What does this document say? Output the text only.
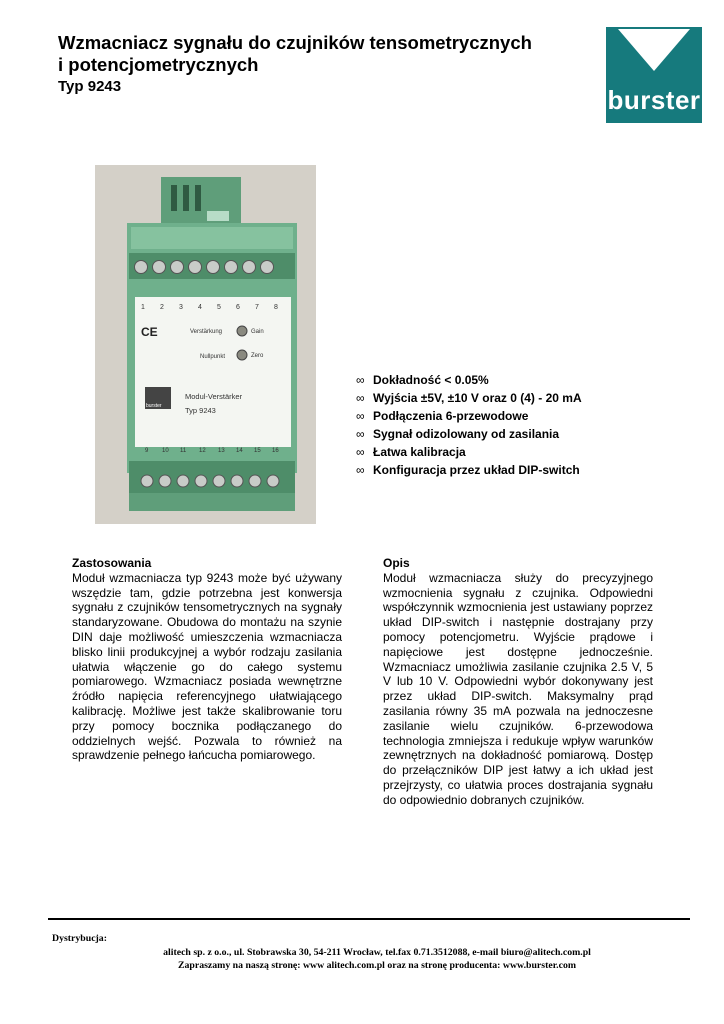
Wzmacniacz sygnału do czujników tensometrycznych
i potencjometrycznych
Typ 9243	burster
1 2 3 4 5 6 7 8
CE	Verstärkung	Gain
Nullpunkt	Zero
burster
Modul-Verstärker
Typ 9243
9 10 11 12 13 14 15 16
∞ Dokładność < 0.05%
∞ Wyjścia ±5V, ±10 V oraz 0 (4) - 20 mA
∞ Podłączenia 6-przewodowe
∞ Sygnał odizolowany od zasilania
∞ Łatwa kalibracja
∞ Konfiguracja przez układ DIP-switch
Zastosowania

Moduł wzmacniacza typ 9243 może być używany wszędzie tam, gdzie potrzebna jest konwersja sygnału z czujników tensometrycznych na sygnały standaryzowane. Obudowa do montażu na szynie DIN daje możliwość umieszczenia wzmacniacza blisko linii produkcyjnej a wybór rodzaju zasilania ułatwia włączenie go do całego systemu pomiarowego. Wzmacniacz posiada wewnętrzne źródło napięcia referencyjnego ułatwiającego kalibrację. Możliwe jest także skalibrowanie toru przy pomocy bocznika podłączanego do oddzielnych wejść. Pozwala to również na sprawdzenie pełnego łańcucha pomiarowego.

Opis

Moduł wzmacniacza służy do precyzyjnego wzmocnienia sygnału z czujnika. Odpowiedni współczynnik wzmocnienia jest ustawiany poprzez układ DIP-switch i następnie dostrajany przy pomocy potencjometru. Wyjście prądowe i napięciowe jest dostępne jednocześnie. Wzmacniacz umożliwia zasilanie czujnika 2.5 V, 5 V lub 10 V. Odpowiedni wybór dokonywany jest przez układ DIP-switch. Maksymalny prąd zasilania równy 35 mA pozwala na jednoczesne zasilanie wielu czujników. 6-przewodowa technologia zmniejsza i redukuje wpływ warunków zewnętrznych na dokładność pomiarową. Dostęp do przełączników DIP jest łatwy a ich układ jest przejrzysty, co ułatwia proces dostrajania sygnału do odpowiednio dobranych czujników.

Dystrybucja:
alitech sp. z o.o., ul. Stobrawska 30, 54-211 Wrocław, tel.fax 0.71.3512088, e-mail biuro@alitech.com.pl
Zapraszamy na naszą stronę: www alitech.com.pl oraz na stronę producenta: www.burster.com
